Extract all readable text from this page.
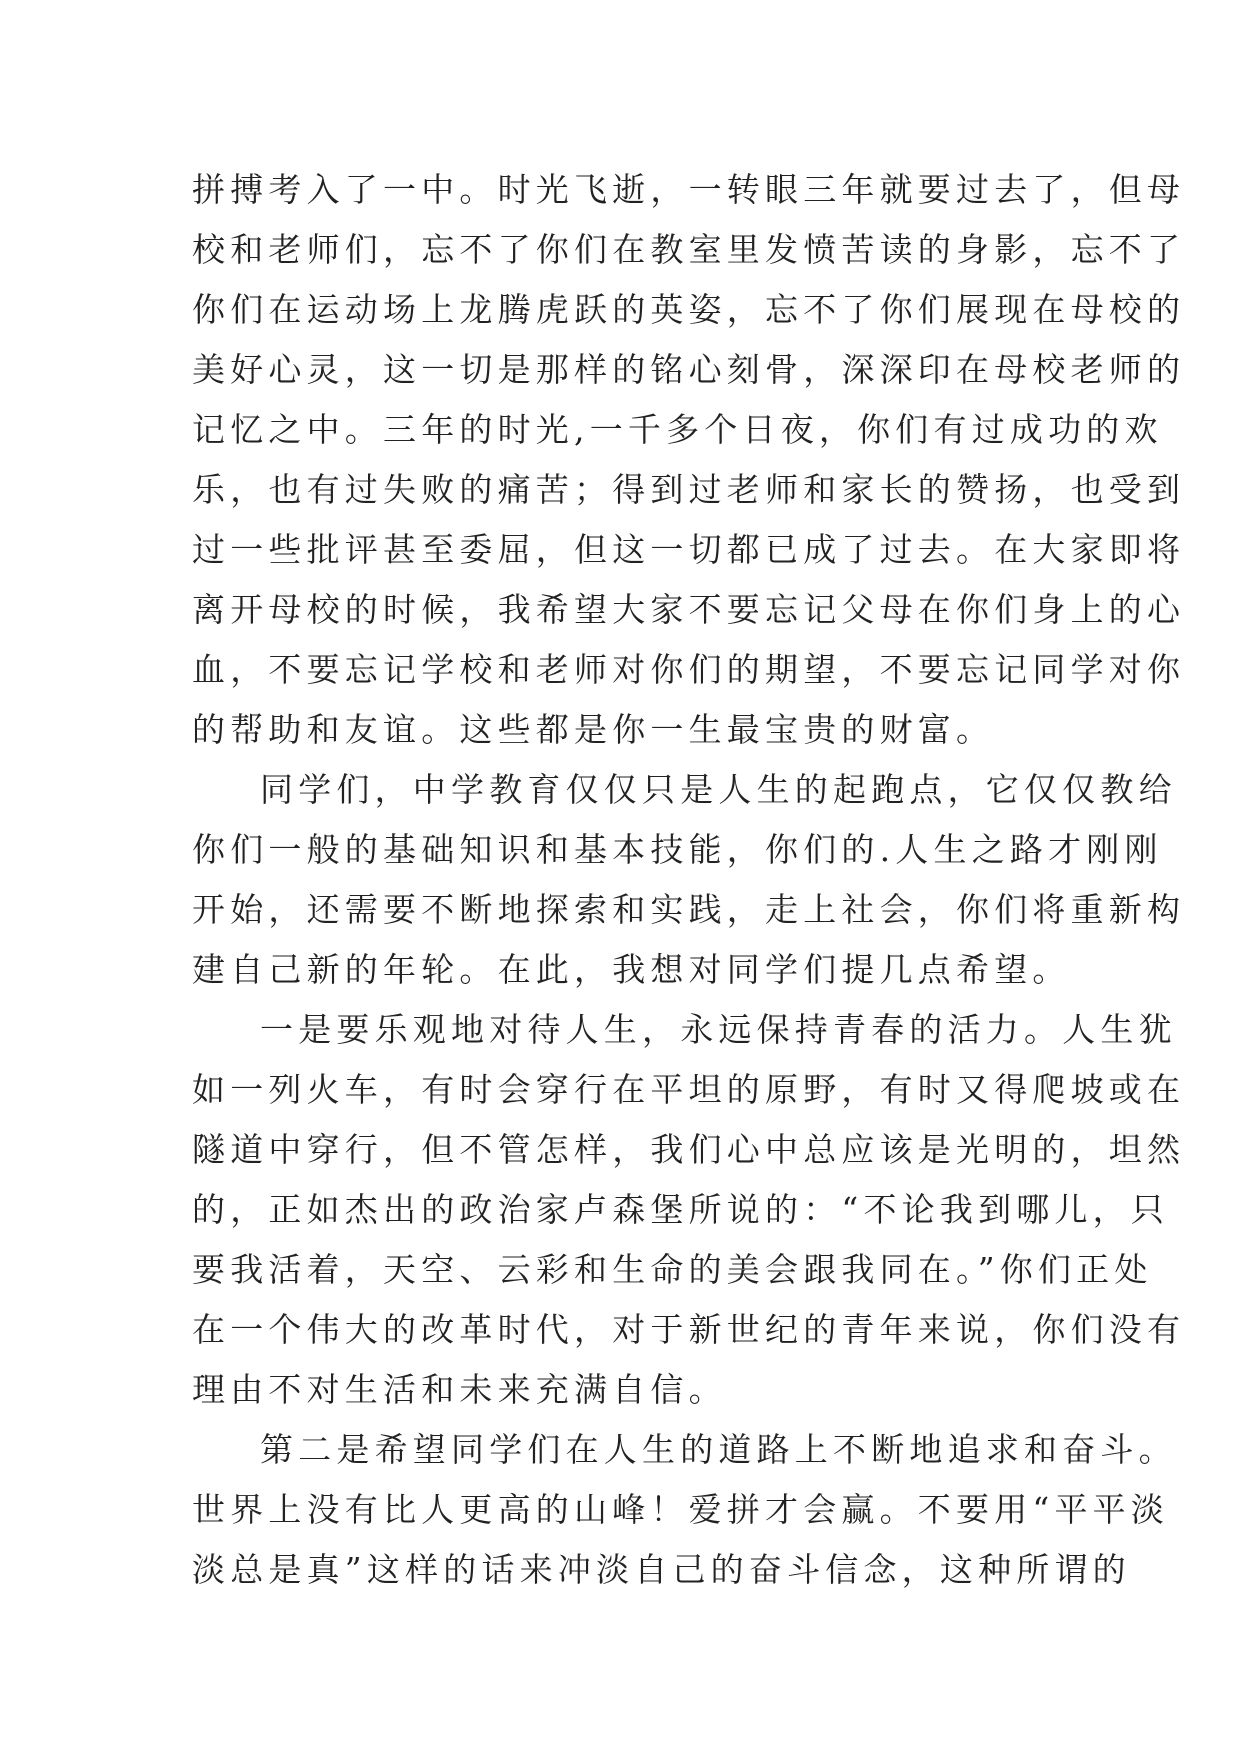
拼搏考入了一中。时光飞逝，一转眼三年就要过去了，但母
校和老师们，忘不了你们在教室里发愤苦读的身影，忘不了
你们在运动场上龙腾虎跃的英姿，忘不了你们展现在母校的
美好心灵，这一切是那样的铭心刻骨，深深印在母校老师的
记忆之中。三年的时光,一千多个日夜，你们有过成功的欢
乐，也有过失败的痛苦；得到过老师和家长的赞扬，也受到
过一些批评甚至委屈，但这一切都已成了过去。在大家即将
离开母校的时候，我希望大家不要忘记父母在你们身上的心
血，不要忘记学校和老师对你们的期望，不要忘记同学对你
的帮助和友谊。这些都是你一生最宝贵的财富。
同学们，中学教育仅仅只是人生的起跑点，它仅仅教给
你们一般的基础知识和基本技能，你们的.人生之路才刚刚
开始，还需要不断地探索和实践，走上社会，你们将重新构
建自己新的年轮。在此，我想对同学们提几点希望。
一是要乐观地对待人生，永远保持青春的活力。人生犹
如一列火车，有时会穿行在平坦的原野，有时又得爬坡或在
隧道中穿行，但不管怎样，我们心中总应该是光明的，坦然
的，正如杰出的政治家卢森堡所说的：“不论我到哪儿，只
要我活着，天空、云彩和生命的美会跟我同在。”你们正处
在一个伟大的改革时代，对于新世纪的青年来说，你们没有
理由不对生活和未来充满自信。
第二是希望同学们在人生的道路上不断地追求和奋斗。
世界上没有比人更高的山峰！爱拼才会赢。不要用“平平淡
淡总是真”这样的话来冲淡自己的奋斗信念，这种所谓的
